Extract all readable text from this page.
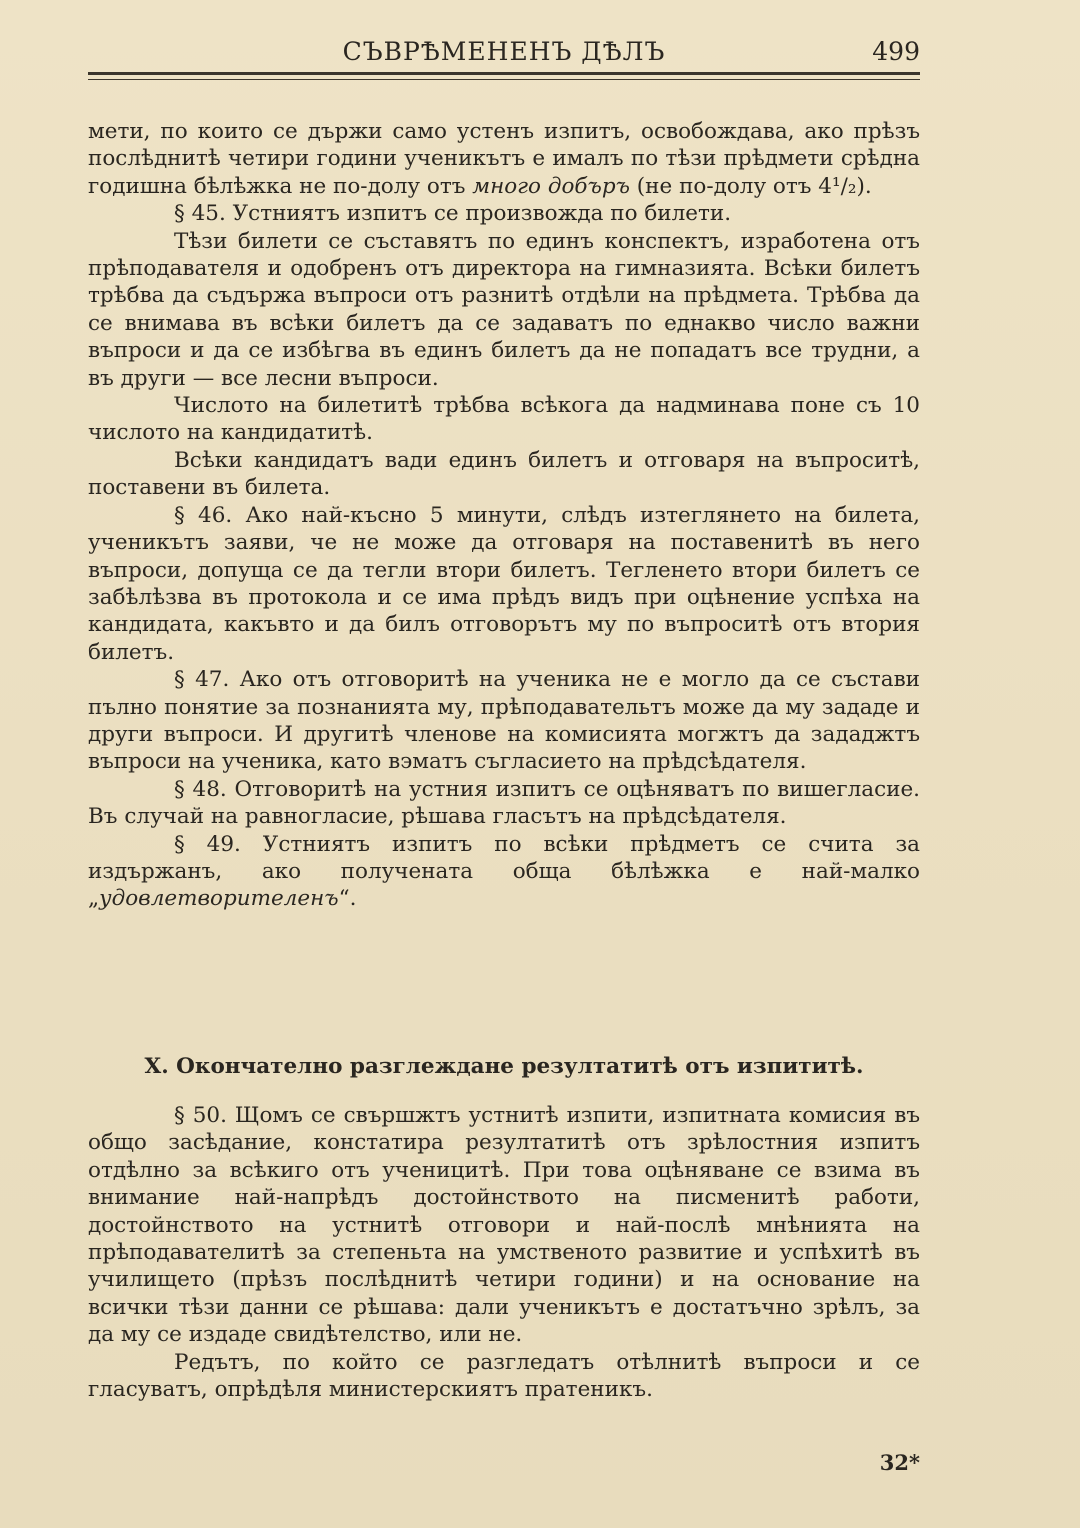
СЪВРѢМЕНЕНЪ ДѢЛЪ	499

мети, по които се държи само устенъ изпитъ, освобождава, ако прѣзъ послѣднитѣ четири години ученикътъ е ималъ по тѣзи прѣдмети срѣдна годишна бѣлѣжка не по-долу отъ много добъръ (не по-долу отъ 4¹/₂).

§ 45. Устниятъ изпитъ се произвожда по билети.

Тѣзи билети се съставятъ по единъ конспектъ, изработена отъ прѣподавателя и одобренъ отъ директора на гимназията. Всѣки билетъ трѣбва да съдържа въпроси отъ разнитѣ отдѣли на прѣдмета. Трѣбва да се внимава въ всѣки билетъ да се задаватъ по еднакво число важни въпроси и да се избѣгва въ единъ билетъ да не попадатъ все трудни, а въ други — все лесни въпроси.

Числото на билетитѣ трѣбва всѣкога да надминава поне съ 10 числото на кандидатитѣ.

Всѣки кандидатъ вади единъ билетъ и отговаря на въпроситѣ, поставени въ билета.

§ 46. Ако най-късно 5 минути, слѣдъ изтеглянето на билета, ученикътъ заяви, че не може да отговаря на поставенитѣ въ него въпроси, допуща се да тегли втори билетъ. Тегленето втори билетъ се забѣлѣзва въ протокола и се има прѣдъ видъ при оцѣнение успѣха на кандидата, какъвто и да билъ отговорътъ му по въпроситѣ отъ втория билетъ.

§ 47. Ако отъ отговоритѣ на ученика не е могло да се състави пълно понятие за познанията му, прѣподавательтъ може да му зададе и други въпроси. И другитѣ членове на комисията могжтъ да зададжтъ въпроси на ученика, като вэматъ съгласието на прѣдсѣдателя.

§ 48. Отговоритѣ на устния изпитъ се оцѣняватъ по вишегласие. Въ случай на равногласие, рѣшава гласътъ на прѣдсѣдателя.

§ 49. Устниятъ изпитъ по всѣки прѣдметъ се счита за издържанъ, ако получената обща бѣлѣжка е най-малко „удовлетворителенъ“.

X. Окончателно разглеждане резултатитѣ отъ изпититѣ.

§ 50. Щомъ се свършжтъ устнитѣ изпити, изпитната комисия въ общо засѣдание, констатира резултатитѣ отъ зрѣлостния изпитъ отдѣлно за всѣкиго отъ ученицитѣ. При това оцѣняване се взима въ внимание най-напрѣдъ достойнството на писменитѣ работи, достойнството на устнитѣ отговори и най-послѣ мнѣнията на прѣподавателитѣ за степеньта на умственото развитие и успѣхитѣ въ училището (прѣзъ послѣднитѣ четири години) и на основание на всички тѣзи данни се рѣшава: дали ученикътъ е достатъчно зрѣлъ, за да му се издаде свидѣтелство, или не.

Редътъ, по който се разгледатъ отѣлнитѣ въпроси и се гласуватъ, опрѣдѣля министерскиятъ пратеникъ.

32*
